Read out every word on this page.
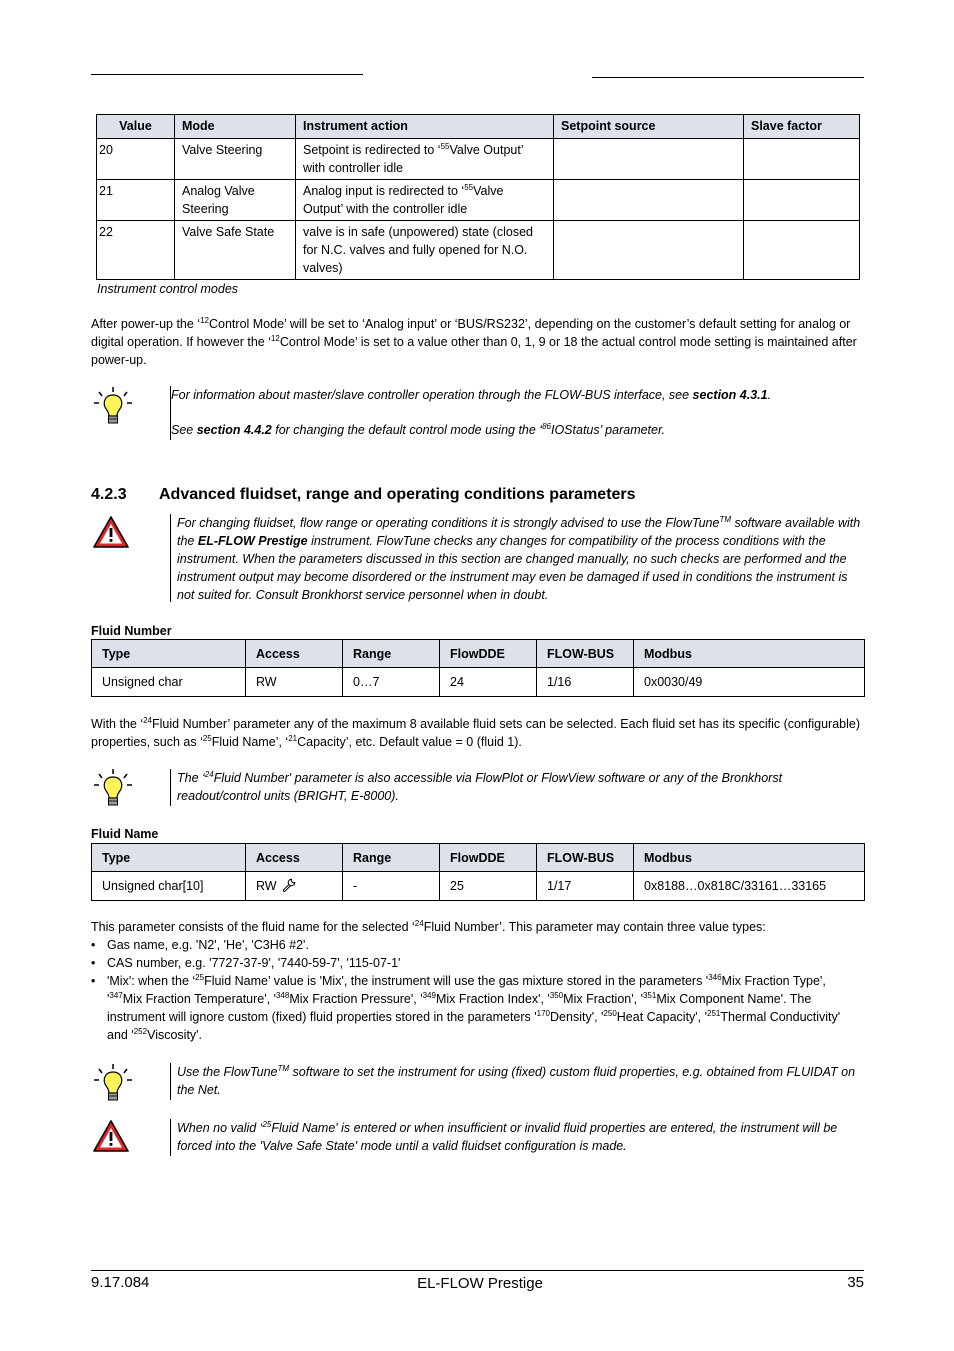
Value	Mode	Instrument action	Setpoint source	Slave factor
20	Valve Steering	Setpoint is redirected to ‘$^{55}$Valve Output’ with controller idle		
21	Analog Valve Steering	Analog input is redirected to ‘$^{55}$Valve Output’ with the controller idle		
22	Valve Safe State	valve is in safe (unpowered) state (closed for N.C. valves and fully opened for N.O. valves)		
Instrument control modes

After power-up the ‘$^{12}$Control Mode’ will be set to ‘Analog input’ or ‘BUS/RS232’, depending on the customer’s default setting for analog or digital operation. If however the ‘$^{12}$Control Mode’ is set to a value other than 0, 1, 9 or 18 the actual control mode setting is maintained after power-up.

For information about master/slave controller operation through the FLOW-BUS interface, see section 4.3.1.

See section 4.4.2 for changing the default control mode using the ‘$^{86}$IOStatus’ parameter.

4.2.3 Advanced fluidset, range and operating conditions parameters

For changing fluidset, flow range or operating conditions it is strongly advised to use the FlowTune™ software available with the EL-FLOW Prestige instrument. FlowTune checks any changes for compatibility of the process conditions with the instrument. When the parameters discussed in this section are changed manually, no such checks are performed and the instrument output may become disordered or the instrument may even be damaged if used in conditions the instrument is not suited for. Consult Bronkhorst service personnel when in doubt.

Fluid Number
Type	Access	Range	FlowDDE	FLOW-BUS	Modbus
Unsigned char	RW	0…7	24	1/16	0x0030/49

With the ‘$^{24}$Fluid Number’ parameter any of the maximum 8 available fluid sets can be selected. Each fluid set has its specific (configurable) properties, such as ‘$^{25}$Fluid Name’, ‘$^{21}$Capacity’, etc. Default value = 0 (fluid 1).

The ‘$^{24}$Fluid Number' parameter is also accessible via FlowPlot or FlowView software or any of the Bronkhorst readout/control units (BRIGHT, E-8000).

Fluid Name
Type	Access	Range	FlowDDE	FLOW-BUS	Modbus
Unsigned char[10]	RW	-	25	1/17	0x8188…0x818C/33161…33165

This parameter consists of the fluid name for the selected ‘$^{24}$Fluid Number’. This parameter may contain three value types:

• Gas name, e.g. 'N2', 'He', 'C3H6 #2'.
• CAS number, e.g. '7727-37-9', '7440-59-7', '115-07-1'
• 'Mix': when the ‘$^{25}$Fluid Name’ value is 'Mix', the instrument will use the gas mixture stored in the parameters '$^{346}Mix$ Fraction Type', '$^{347}Mix$ Fraction Temperature', '$^{348}Mix$ Fraction Pressure', '$^{349}Mix$ Fraction Index', '$^{350}Mix$ Fraction', '$^{351}Mix$ Component Name'. The instrument will ignore custom (fixed) fluid properties stored in the parameters '$^{170}Density$', '$^{250}Heat$ Capacity', '$^{251}Thermal$ Conductivity' and '$^{252}Viscosity$'.

Use the FlowTune™ software to set the instrument for using (fixed) custom fluid properties, e.g. obtained from FLUIDAT on the Net.

When no valid ‘$^{25}$Fluid Name' is entered or when insufficient or invalid fluid properties are entered, the instrument will be forced into the 'Valve Safe State' mode until a valid fluidset configuration is made.

9.17.084	EL-FLOW Prestige	35
